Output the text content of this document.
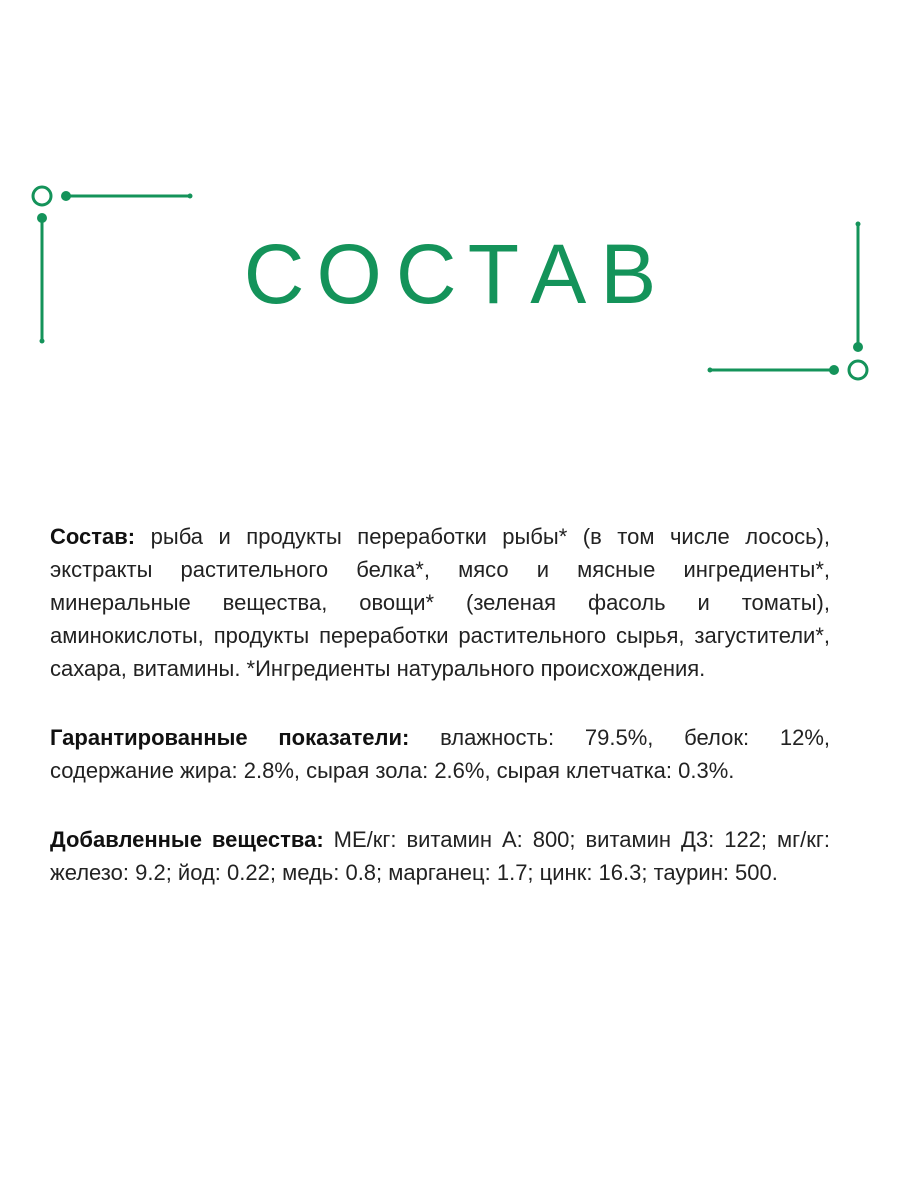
СОСТАВ

Состав: рыба и продукты переработки рыбы* (в том числе лосось), экстракты растительного белка*, мясо и мясные ингредиенты*, минеральные вещества, овощи* (зеленая фасоль и томаты), аминокислоты, продукты переработки растительного сырья, загустители*, сахара, витамины. *Ингредиенты натурального происхождения.

Гарантированные показатели: влажность: 79.5%, белок: 12%, содержание жира: 2.8%, сырая зола: 2.6%, сырая клетчатка: 0.3%.

Добавленные вещества: МЕ/кг: витамин А: 800; витамин Д3: 122; мг/кг: железо: 9.2; йод: 0.22; медь: 0.8; марганец: 1.7; цинк: 16.3; таурин: 500.
